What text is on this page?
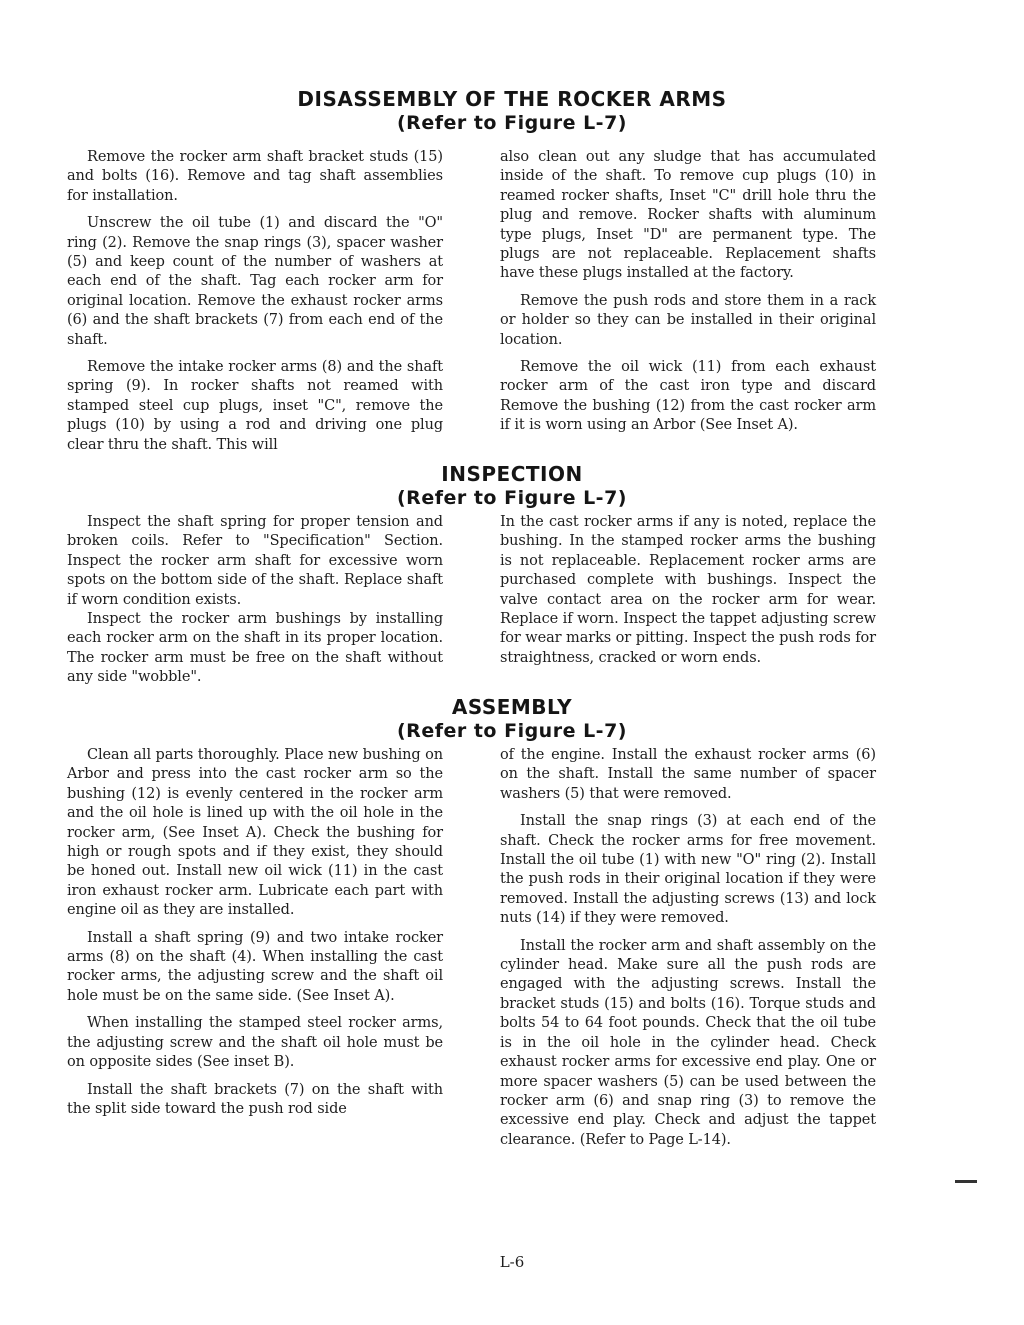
DISASSEMBLY OF THE ROCKER ARMS
(Refer to Figure L-7)

Remove the rocker arm shaft bracket studs (15) and bolts (16). Remove and tag shaft assemblies for installation.

Unscrew the oil tube (1) and discard the "O" ring (2). Remove the snap rings (3), spacer washer (5) and keep count of the number of washers at each end of the shaft. Tag each rocker arm for original location. Remove the exhaust rocker arms (6) and the shaft brackets (7) from each end of the shaft.

Remove the intake rocker arms (8) and the shaft spring (9). In rocker shafts not reamed with stamped steel cup plugs, inset "C", remove the plugs (10) by using a rod and driving one plug clear thru the shaft. This will

also clean out any sludge that has accumulated inside of the shaft. To remove cup plugs (10) in reamed rocker shafts, Inset "C" drill hole thru the plug and remove. Rocker shafts with aluminum type plugs, Inset "D" are permanent type. The plugs are not replaceable. Replacement shafts have these plugs installed at the factory.

Remove the push rods and store them in a rack or holder so they can be installed in their original location.

Remove the oil wick (11) from each exhaust rocker arm of the cast iron type and discard Remove the bushing (12) from the cast rocker arm if it is worn using an Arbor (See Inset A).

INSPECTION
(Refer to Figure L-7)

Inspect the shaft spring for proper tension and broken coils. Refer to "Specification" Section. Inspect the rocker arm shaft for excessive worn spots on the bottom side of the shaft. Replace shaft if worn condition exists.

Inspect the rocker arm bushings by installing each rocker arm on the shaft in its proper location. The rocker arm must be free on the shaft without any side "wobble".

In the cast rocker arms if any is noted, replace the bushing. In the stamped rocker arms the bushing is not replaceable. Replacement rocker arms are purchased complete with bushings. Inspect the valve contact area on the rocker arm for wear. Replace if worn. Inspect the tappet adjusting screw for wear marks or pitting. Inspect the push rods for straightness, cracked or worn ends.

ASSEMBLY
(Refer to Figure L-7)

Clean all parts thoroughly. Place new bushing on Arbor and press into the cast rocker arm so the bushing (12) is evenly centered in the rocker arm and the oil hole is lined up with the oil hole in the rocker arm, (See Inset A). Check the bushing for high or rough spots and if they exist, they should be honed out. Install new oil wick (11) in the cast iron exhaust rocker arm. Lubricate each part with engine oil as they are installed.

Install a shaft spring (9) and two intake rocker arms (8) on the shaft (4). When installing the cast rocker arms, the adjusting screw and the shaft oil hole must be on the same side. (See Inset A).

When installing the stamped steel rocker arms, the adjusting screw and the shaft oil hole must be on opposite sides (See inset B).

Install the shaft brackets (7) on the shaft with the split side toward the push rod side

of the engine. Install the exhaust rocker arms (6) on the shaft. Install the same number of spacer washers (5) that were removed.

Install the snap rings (3) at each end of the shaft. Check the rocker arms for free movement. Install the oil tube (1) with new "O" ring (2). Install the push rods in their original location if they were removed. Install the adjusting screws (13) and lock nuts (14) if they were removed.

Install the rocker arm and shaft assembly on the cylinder head. Make sure all the push rods are engaged with the adjusting screws. Install the bracket studs (15) and bolts (16). Torque studs and bolts 54 to 64 foot pounds. Check that the oil tube is in the oil hole in the cylinder head. Check exhaust rocker arms for excessive end play. One or more spacer washers (5) can be used between the rocker arm (6) and snap ring (3) to remove the excessive end play. Check and adjust the tappet clearance. (Refer to Page L-14).

L-6
